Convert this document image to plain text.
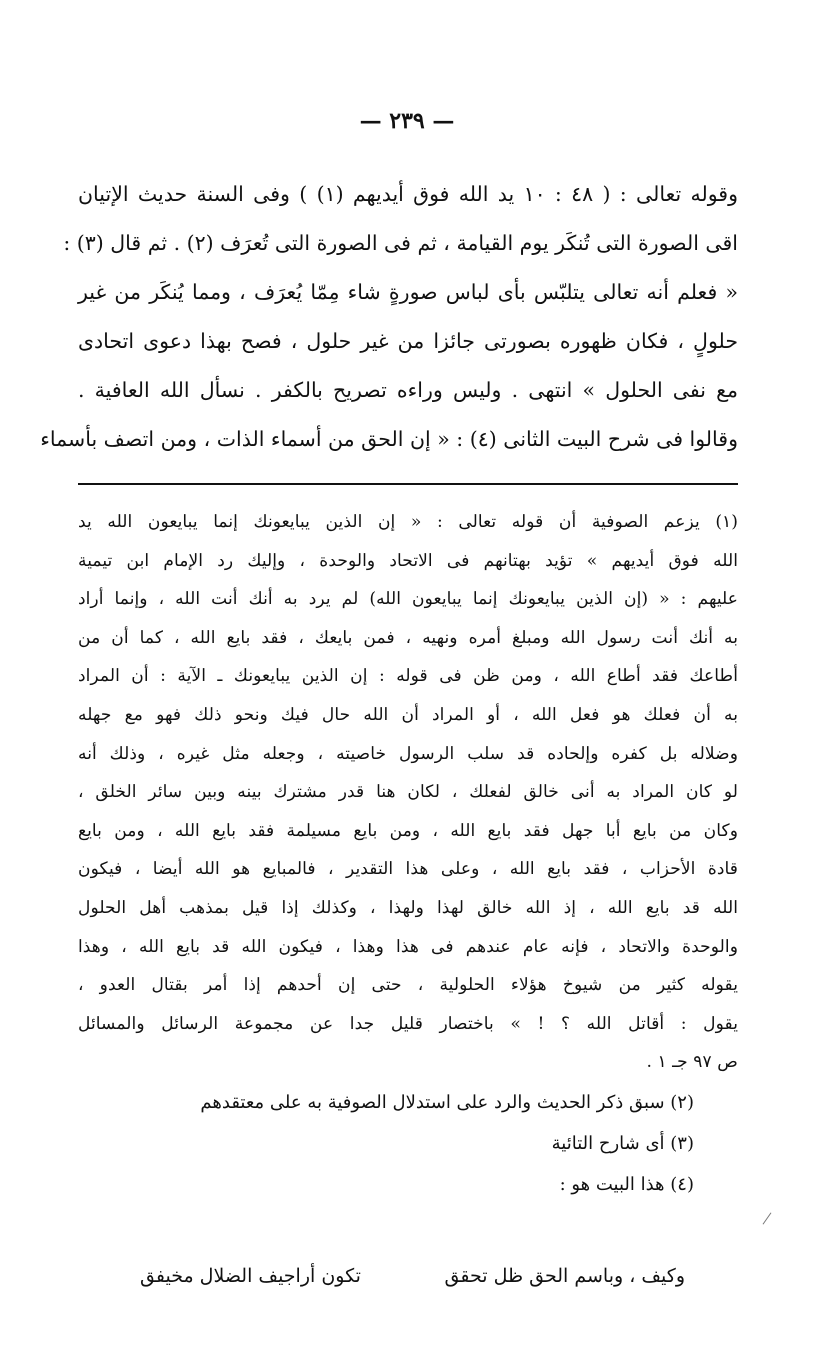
— ٢٣٩ —
وقوله تعالى : ( ٤٨ : ١٠ يد الله فوق أيديهم (١) ) وفى السنة حديث الإتيان
اقى الصورة التى تُنكَر يوم القيامة ، ثم فى الصورة التى تُعرَف (٢) . ثم قال (٣) :
« فعلم أنه تعالى يتلبّس بأى لباس صورةٍ شاء مِمّا يُعرَف ، ومما يُنكَر من غير
حلولٍ ، فكان ظهوره بصورتى جائزا من غير حلول ، فصح بهذا دعوى اتحادى
مع نفى الحلول » انتهى . وليس وراءه تصريح بالكفر . نسأل الله العافية .
وقالوا فى شرح البيت الثانى (٤) : « إن الحق من أسماء الذات ، ومن اتصف بأسماء
(١) يزعم الصوفية أن قوله تعالى : « إن الذين يبايعونك إنما يبايعون الله يد
الله فوق أيديهم » تؤيد بهتانهم فى الاتحاد والوحدة ، وإليك رد الإمام ابن تيمية
عليهم : « (إن الذين يبايعونك إنما يبايعون الله) لم يرد به أنك أنت الله ، وإنما أراد
به أنك أنت رسول الله ومبلغ أمره ونهيه ، فمن بايعك ، فقد بايع الله ، كما أن من
أطاعك فقد أطاع الله ، ومن ظن فى قوله : إن الذين يبايعونك ـ الآية : أن المراد
به أن فعلك هو فعل الله ، أو المراد أن الله حال فيك ونحو ذلك فهو مع جهله
وضلاله بل كفره وإلحاده قد سلب الرسول خاصيته ، وجعله مثل غيره ، وذلك أنه
لو كان المراد به أنى خالق لفعلك ، لكان هنا قدر مشترك بينه وبين سائر الخلق ،
وكان من بايع أبا جهل فقد بايع الله ، ومن بايع مسيلمة فقد بايع الله ، ومن بايع
قادة الأحزاب ، فقد بايع الله ، وعلى هذا التقدير ، فالمبايع هو الله أيضا ، فيكون
الله قد بايع الله ، إذ الله خالق لهذا ولهذا ، وكذلك إذا قيل بمذهب أهل الحلول
والوحدة والاتحاد ، فإنه عام عندهم فى هذا وهذا ، فيكون الله قد بايع الله ، وهذا
يقوله كثير من شيوخ هؤلاء الحلولية ، حتى إن أحدهم إذا أمر بقتال العدو ،
يقول : أقاتل الله ؟ ! » باختصار قليل جدا عن مجموعة الرسائل والمسائل
ص ٩٧ جـ ١ .
(٢) سبق ذكر الحديث والرد على استدلال الصوفية به على معتقدهم
(٣) أى شارح التائية
(٤) هذا البيت هو :
وكيف ، وباسم الحق ظل تحقق
تكون أراجيف الضلال مخيفق
